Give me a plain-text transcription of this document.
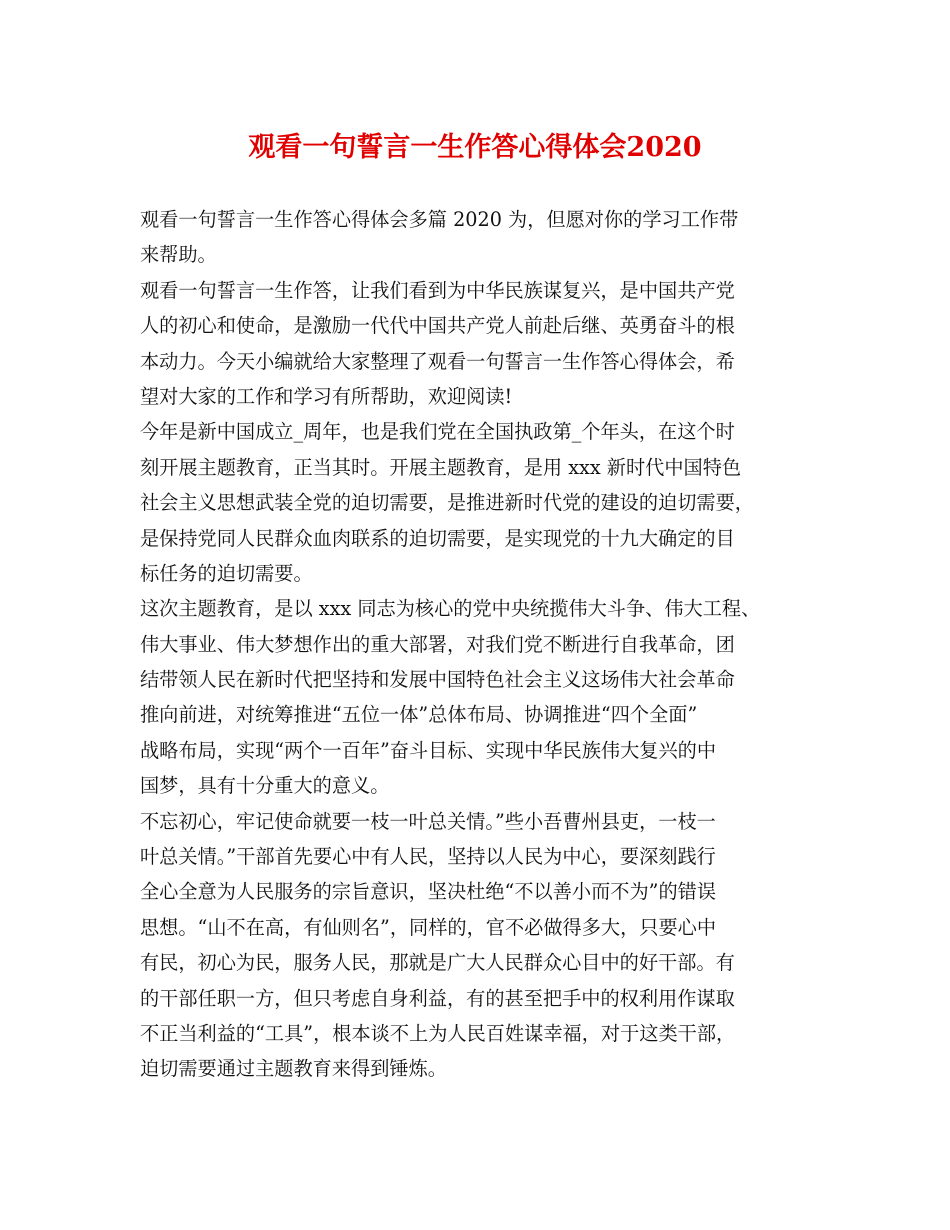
观看一句誓言一生作答心得体会2020

观看一句誓言一生作答心得体会多篇 2020 为，但愿对你的学习工作带
来帮助。

观看一句誓言一生作答，让我们看到为中华民族谋复兴，是中国共产党
人的初心和使命，是激励一代代中国共产党人前赴后继、英勇奋斗的根
本动力。今天小编就给大家整理了观看一句誓言一生作答心得体会，希
望对大家的工作和学习有所帮助，欢迎阅读!

今年是新中国成立_周年，也是我们党在全国执政第_个年头，在这个时
刻开展主题教育，正当其时。开展主题教育，是用 xxx 新时代中国特色
社会主义思想武装全党的迫切需要，是推进新时代党的建设的迫切需要，
是保持党同人民群众血肉联系的迫切需要，是实现党的十九大确定的目
标任务的迫切需要。

这次主题教育，是以 xxx 同志为核心的党中央统揽伟大斗争、伟大工程、
伟大事业、伟大梦想作出的重大部署，对我们党不断进行自我革命，团
结带领人民在新时代把坚持和发展中国特色社会主义这场伟大社会革命
推向前进，对统筹推进“五位一体”总体布局、协调推进“四个全面”
战略布局，实现“两个一百年”奋斗目标、实现中华民族伟大复兴的中
国梦，具有十分重大的意义。

不忘初心，牢记使命就要一枝一叶总关情。”些小吾曹州县吏，一枝一
叶总关情。”干部首先要心中有人民，坚持以人民为中心，要深刻践行
全心全意为人民服务的宗旨意识，坚决杜绝“不以善小而不为”的错误
思想。“山不在高，有仙则名”，同样的，官不必做得多大，只要心中
有民，初心为民，服务人民，那就是广大人民群众心目中的好干部。有
的干部任职一方，但只考虑自身利益，有的甚至把手中的权利用作谋取
不正当利益的“工具”，根本谈不上为人民百姓谋幸福，对于这类干部，
迫切需要通过主题教育来得到锤炼。
